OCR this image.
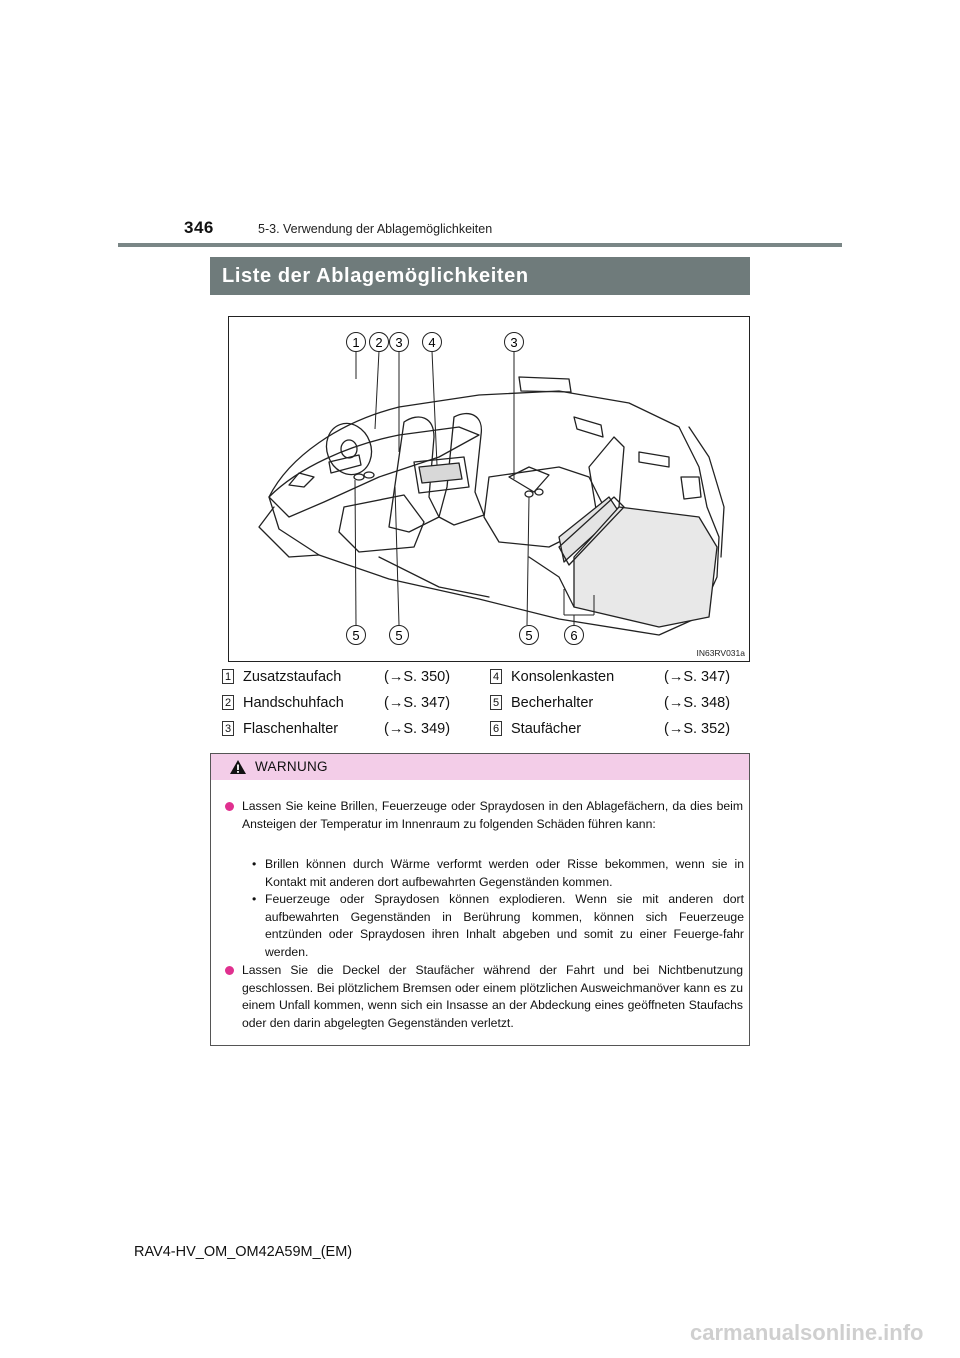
346	5-3. Verwendung der Ablagemöglichkeiten
Liste der Ablagemöglichkeiten
1 2 3 4	3
5	5	5	6
IN63RV031a
1 Zusatzstaufach	(→S. 350)
2 Handschuhfach	(→S. 347)
3 Flaschenhalter	(→S. 349)
4 Konsolenkasten	(→S. 347)
5 Becherhalter	(→S. 348)
6 Staufächer	(→S. 352)
WARNUNG
Lassen Sie keine Brillen, Feuerzeuge oder Spraydosen in den Ablagefächern, da dies beim Ansteigen der Temperatur im Innenraum zu folgenden Schäden führen kann:
• Brillen können durch Wärme verformt werden oder Risse bekommen, wenn sie in Kontakt mit anderen dort aufbewahrten Gegenständen kommen.
• Feuerzeuge oder Spraydosen können explodieren. Wenn sie mit anderen dort aufbewahrten Gegenständen in Berührung kommen, können sich Feuerzeuge entzünden oder Spraydosen ihren Inhalt abgeben und somit zu einer Feuerge-fahr werden.
Lassen Sie die Deckel der Staufächer während der Fahrt und bei Nichtbenutzung geschlossen. Bei plötzlichem Bremsen oder einem plötzlichen Ausweichmanöver kann es zu einem Unfall kommen, wenn sich ein Insasse an der Abdeckung eines geöffneten Staufachs oder den darin abgelegten Gegenständen verletzt.
RAV4-HV_OM_OM42A59M_(EM)
carmanualsonline.info
